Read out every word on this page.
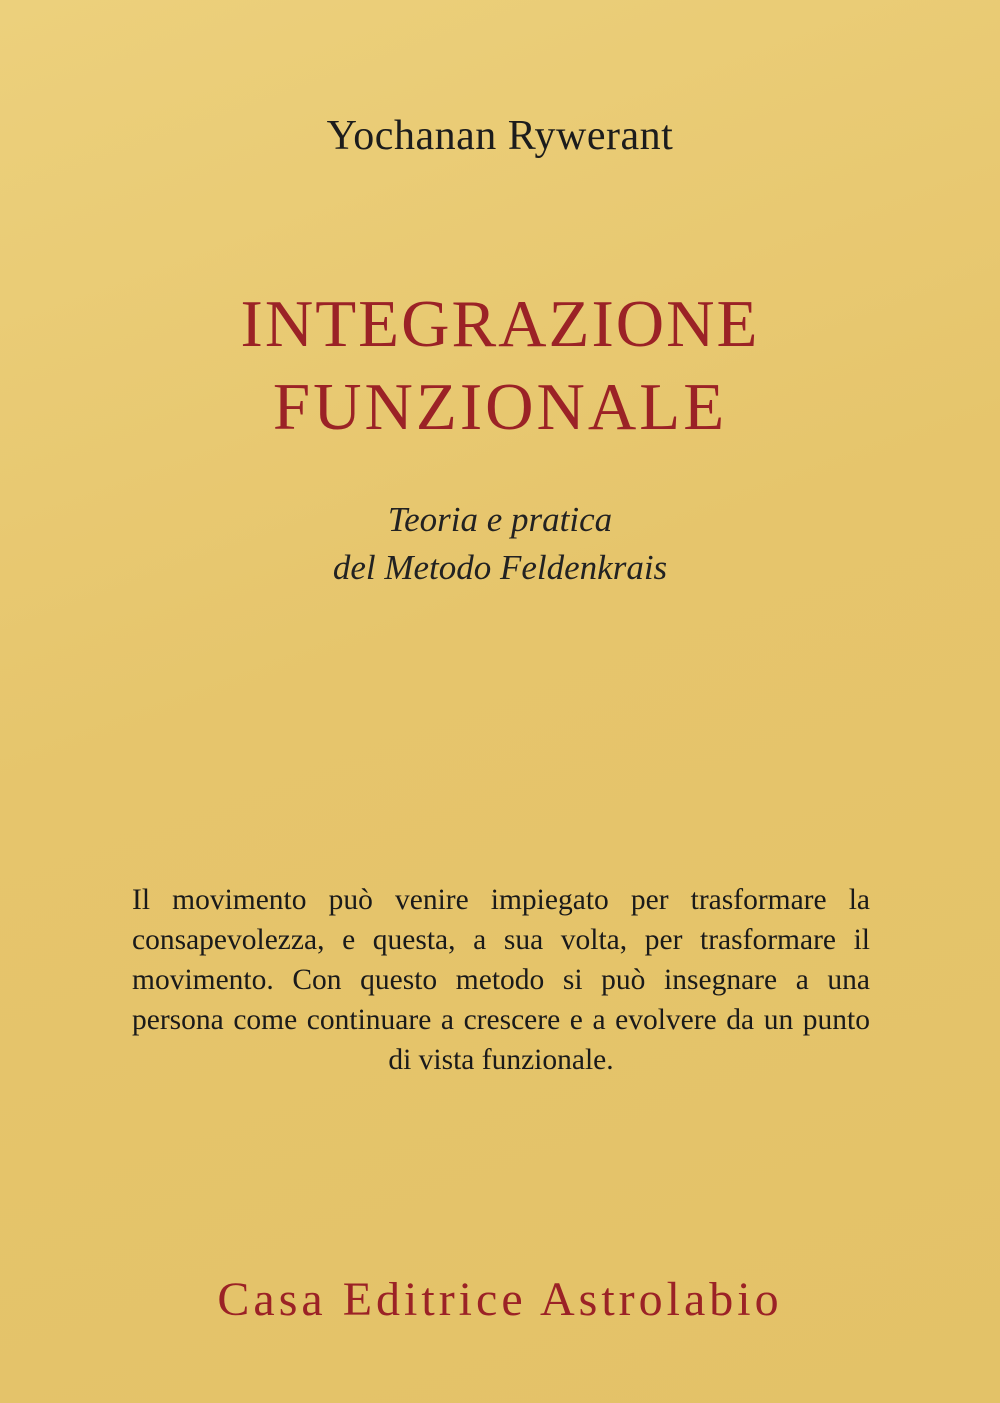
Yochanan Rywerant
INTEGRAZIONE
FUNZIONALE
Teoria e pratica
del Metodo Feldenkrais
Il movimento può venire impiegato per trasformare la consapevolezza, e questa, a sua volta, per trasformare il movimento. Con questo metodo si può insegnare a una persona come continuare a crescere e a evolvere da un punto di vista funzionale.
Casa Editrice Astrolabio
